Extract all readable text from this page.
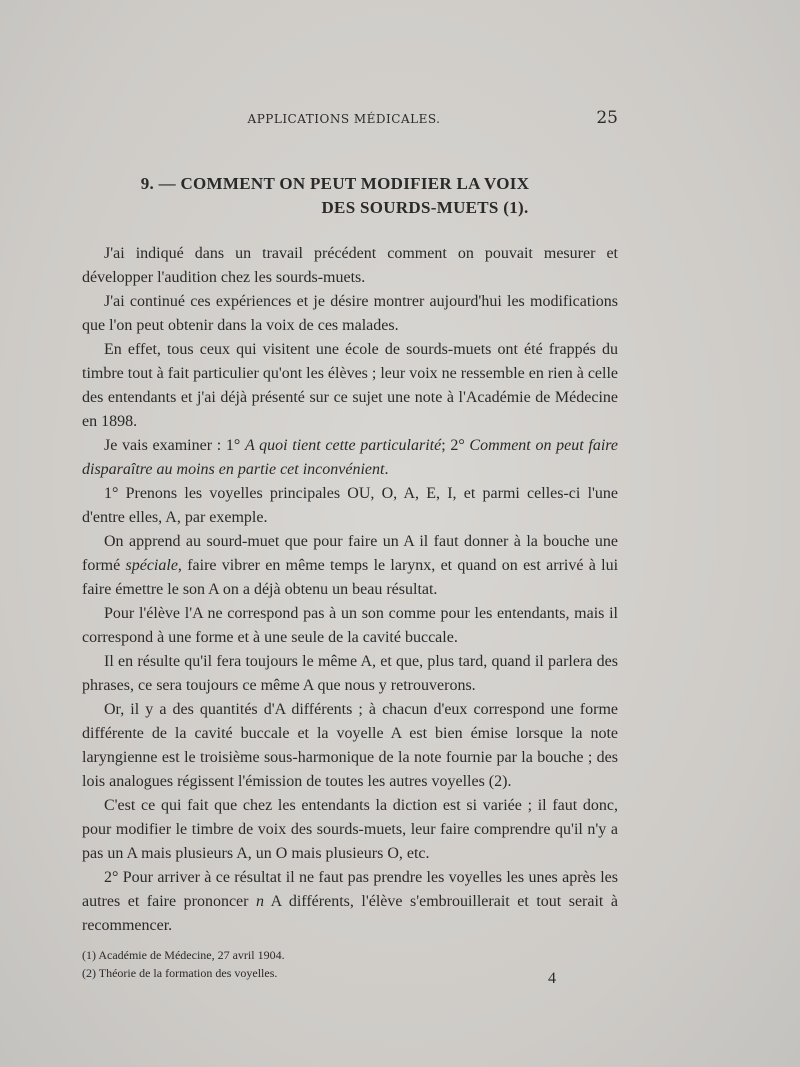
APPLICATIONS MÉDICALES.	25
9. — COMMENT ON PEUT MODIFIER LA VOIX
DES SOURDS-MUETS (1).

J'ai indiqué dans un travail précédent comment on pouvait mesurer et développer l'audition chez les sourds-muets.

J'ai continué ces expériences et je désire montrer aujourd'hui les modifications que l'on peut obtenir dans la voix de ces malades.

En effet, tous ceux qui visitent une école de sourds-muets ont été frappés du timbre tout à fait particulier qu'ont les élèves ; leur voix ne ressemble en rien à celle des entendants et j'ai déjà présenté sur ce sujet une note à l'Académie de Médecine en 1898.

Je vais examiner : 1° A quoi tient cette particularité; 2° Comment on peut faire disparaître au moins en partie cet inconvénient.

1° Prenons les voyelles principales OU, O, A, E, I, et parmi celles-ci l'une d'entre elles, A, par exemple.

On apprend au sourd-muet que pour faire un A il faut donner à la bouche une formé spéciale, faire vibrer en même temps le larynx, et quand on est arrivé à lui faire émettre le son A on a déjà obtenu un beau résultat.

Pour l'élève l'A ne correspond pas à un son comme pour les entendants, mais il correspond à une forme et à une seule de la cavité buccale.

Il en résulte qu'il fera toujours le même A, et que, plus tard, quand il parlera des phrases, ce sera toujours ce même A que nous y retrouverons.

Or, il y a des quantités d'A différents ; à chacun d'eux correspond une forme différente de la cavité buccale et la voyelle A est bien émise lorsque la note laryngienne est le troisième sous-harmonique de la note fournie par la bouche ; des lois analogues régissent l'émission de toutes les autres voyelles (2).

C'est ce qui fait que chez les entendants la diction est si variée ; il faut donc, pour modifier le timbre de voix des sourds-muets, leur faire comprendre qu'il n'y a pas un A mais plusieurs A, un O mais plusieurs O, etc.

2° Pour arriver à ce résultat il ne faut pas prendre les voyelles les unes après les autres et faire prononcer n A différents, l'élève s'embrouillerait et tout serait à recommencer.

(1) Académie de Médecine, 27 avril 1904.
(2) Théorie de la formation des voyelles.	4
